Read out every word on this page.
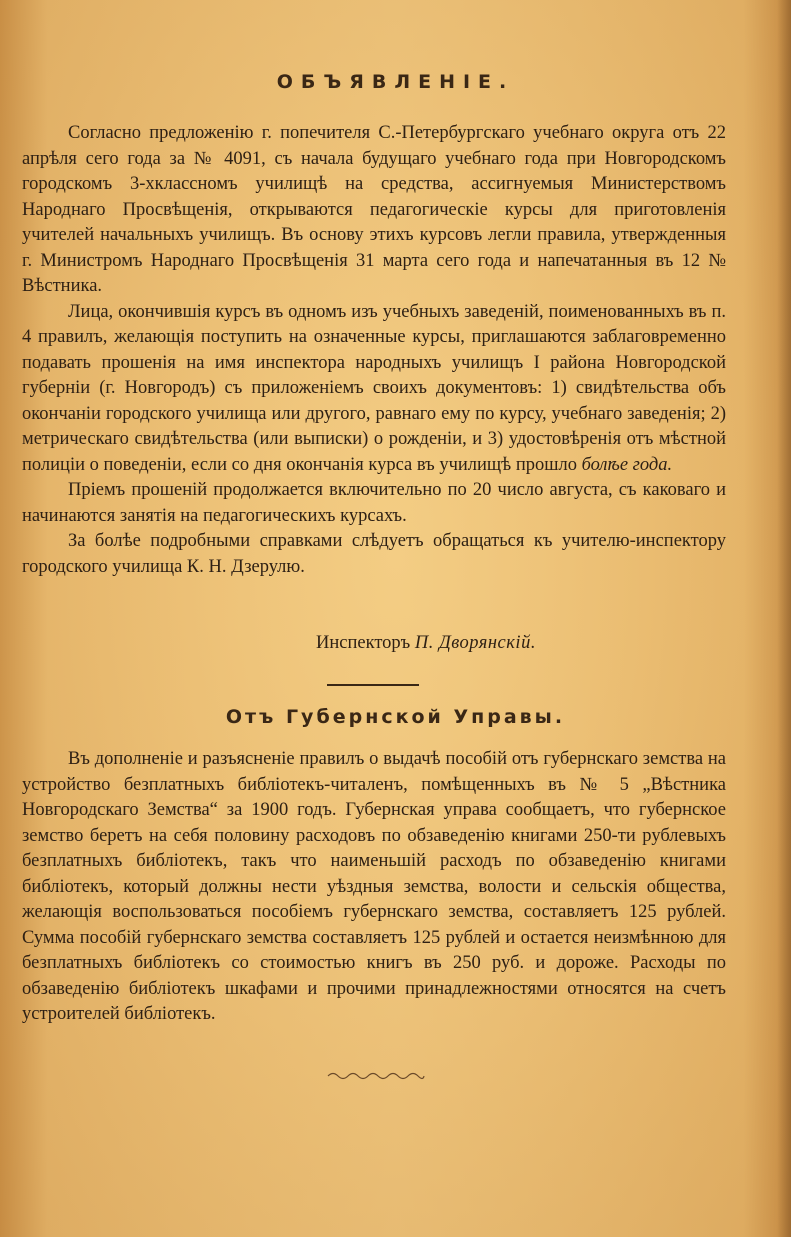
ОБЪЯВЛЕНІЕ.

Согласно предложенію г. попечителя С.-Петербургскаго учебнаго округа отъ 22 апрѣля сего года за № 4091, съ начала будущаго учебнаго года при Новгородскомъ городскомъ 3-хклассномъ училищѣ на средства, ассигнуемыя Министерствомъ Народнаго Просвѣщенія, открываются педагогическіе курсы для приготовленія учителей начальныхъ училищъ. Въ основу этихъ курсовъ легли правила, утвержденныя г. Министромъ Народнаго Просвѣщенія 31 марта сего года и напечатанныя въ 12 № Вѣстника.

Лица, окончившія курсъ въ одномъ изъ учебныхъ заведеній, поименованныхъ въ п. 4 правилъ, желающія поступить на означенные курсы, приглашаются заблаговременно подавать прошенія на имя инспектора народныхъ училищъ I района Новгородской губерніи (г. Новгородъ) съ приложеніемъ своихъ документовъ: 1) свидѣтельства объ окончаніи городского училища или другого, равнаго ему по курсу, учебнаго заведенія; 2) метрическаго свидѣтельства (или выписки) о рожденіи, и 3) удостовѣренія отъ мѣстной полиціи о поведеніи, если со дня окончанія курса въ училищѣ прошло болѣе года.

Пріемъ прошеній продолжается включительно по 20 число августа, съ каковаго и начинаются занятія на педагогическихъ курсахъ.

За болѣе подробными справками слѣдуетъ обращаться къ учителю-инспектору городского училища К. Н. Дзерулю.

Инспекторъ П. Дворянскій.
Отъ Губернской Управы.

Въ дополненіе и разъясненіе правилъ о выдачѣ пособій отъ губернскаго земства на устройство безплатныхъ библіотекъ-читаленъ, помѣщенныхъ въ № 5 „Вѣстника Новгородскаго Земства“ за 1900 годъ. Губернская управа сообщаетъ, что губернское земство беретъ на себя половину расходовъ по обзаведенію книгами 250-ти рублевыхъ безплатныхъ библіотекъ, такъ что наименьшій расходъ по обзаведенію книгами библіотекъ, который должны нести уѣздныя земства, волости и сельскія общества, желающія воспользоваться пособіемъ губернскаго земства, составляетъ 125 рублей. Сумма пособій губернскаго земства составляетъ 125 рублей и остается неизмѣнною для безплатныхъ библіотекъ со стоимостью книгъ въ 250 руб. и дороже. Расходы по обзаведенію библіотекъ шкафами и прочими принадлежностями относятся на счетъ устроителей библіотекъ.
